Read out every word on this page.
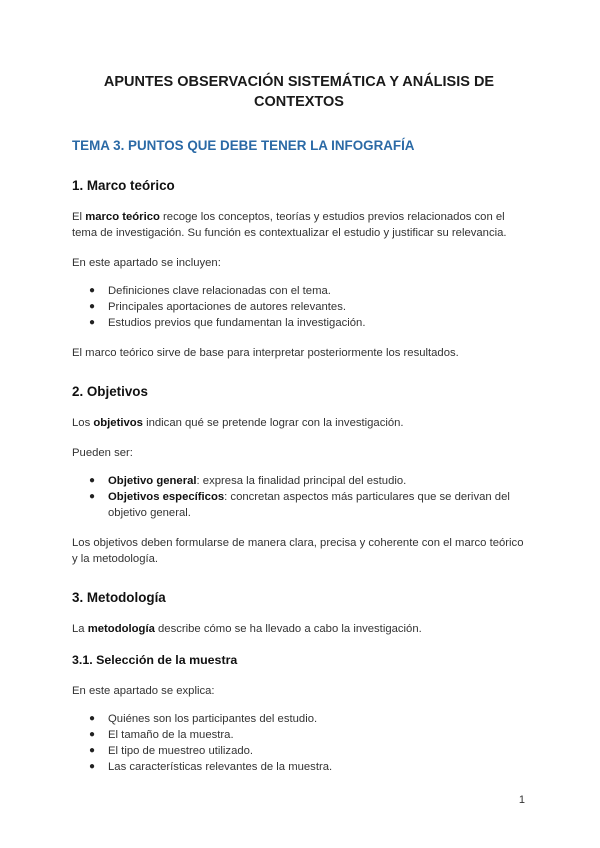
APUNTES OBSERVACIÓN SISTEMÁTICA Y ANÁLISIS DE
CONTEXTOS
TEMA 3. PUNTOS QUE DEBE TENER LA INFOGRAFÍA
1. Marco teórico

El marco teórico recoge los conceptos, teorías y estudios previos relacionados con el tema de investigación. Su función es contextualizar el estudio y justificar su relevancia.

En este apartado se incluyen:

● Definiciones clave relacionadas con el tema.
● Principales aportaciones de autores relevantes.
● Estudios previos que fundamentan la investigación.

El marco teórico sirve de base para interpretar posteriormente los resultados.

2. Objetivos

Los objetivos indican qué se pretende lograr con la investigación.

Pueden ser:

● Objetivo general: expresa la finalidad principal del estudio.
● Objetivos específicos: concretan aspectos más particulares que se derivan del objetivo general.

Los objetivos deben formularse de manera clara, precisa y coherente con el marco teórico y la metodología.

3. Metodología

La metodología describe cómo se ha llevado a cabo la investigación.

3.1. Selección de la muestra

En este apartado se explica:

● Quiénes son los participantes del estudio.
● El tamaño de la muestra.
● El tipo de muestreo utilizado.
● Las características relevantes de la muestra.
1
